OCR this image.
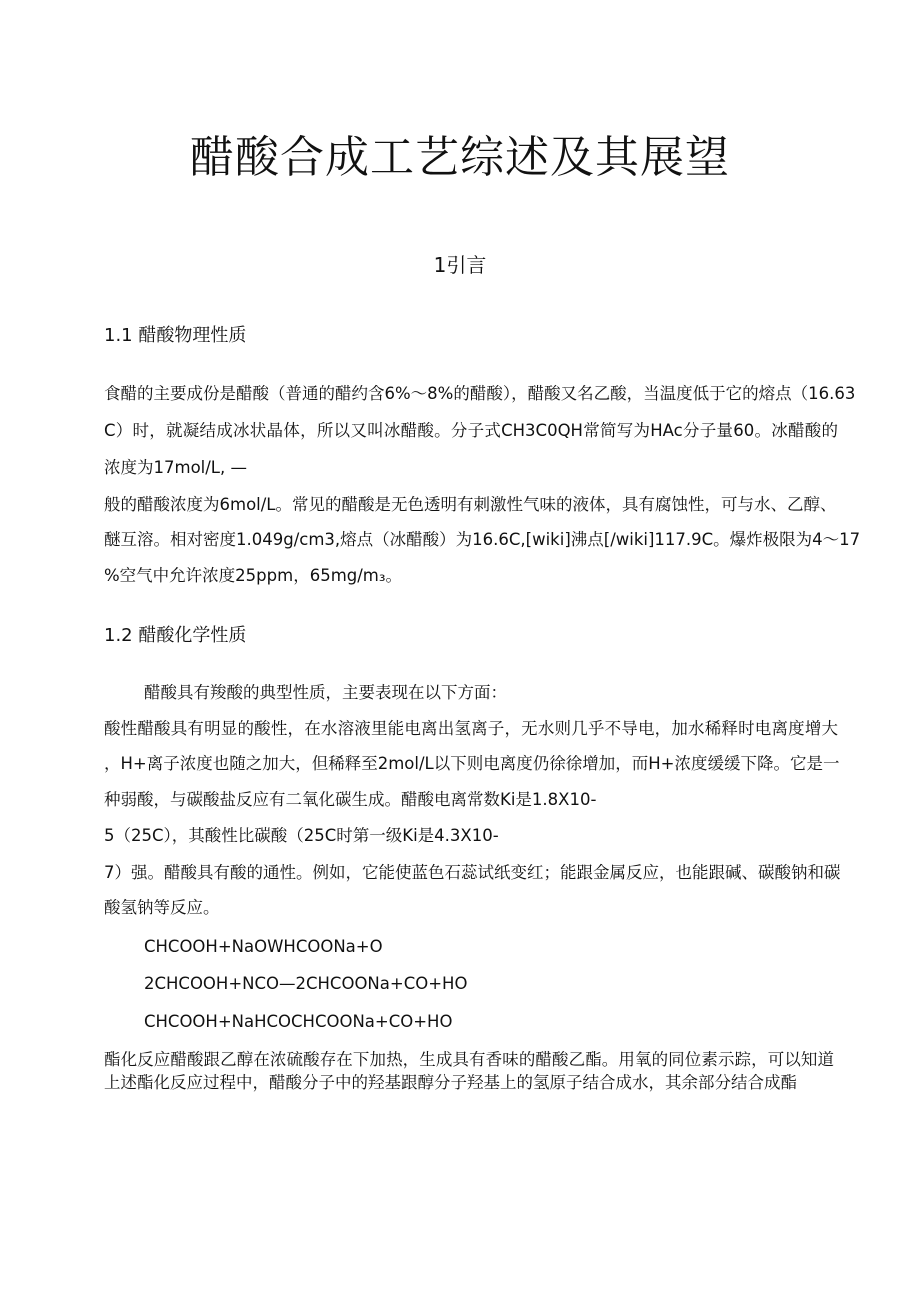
醋酸合成工艺综述及其展望
1引言
1.1 醋酸物理性质
食醋的主要成份是醋酸（普通的醋约含6%～8%的醋酸），醋酸又名乙酸，当温度低于它的熔点（16.63
C）时，就凝结成冰状晶体，所以又叫冰醋酸。分子式CH3C0QH常简写为HAc分子量60。冰醋酸的
浓度为17mol/L, —
般的醋酸浓度为6mol/L。常见的醋酸是无色透明有刺激性气味的液体，具有腐蚀性，可与水、乙醇、
醚互溶。相对密度1.049g/cm3,熔点（冰醋酸）为16.6C,[wiki]沸点[/wiki]117.9C。爆炸极限为4～17
%空气中允许浓度25ppm，65mg/m₃。
1.2 醋酸化学性质
醋酸具有羧酸的典型性质，主要表现在以下方面：
酸性醋酸具有明显的酸性，在水溶液里能电离出氢离子，无水则几乎不导电，加水稀释时电离度增大
，H+离子浓度也随之加大，但稀释至2mol/L以下则电离度仍徐徐增加，而H+浓度缓缓下降。它是一
种弱酸，与碳酸盐反应有二氧化碳生成。醋酸电离常数Ki是1.8X10-
5（25C），其酸性比碳酸（25C时第一级Ki是4.3X10-
7）强。醋酸具有酸的通性。例如，它能使蓝色石蕊试纸变红；能跟金属反应，也能跟碱、碳酸钠和碳
酸氢钠等反应。
CHCOOH+NaOWHCOONa+O
2CHCOOH+NCO—2CHCOONa+CO+HO
CHCOOH+NaHCOCHCOONa+CO+HO
酯化反应醋酸跟乙醇在浓硫酸存在下加热，生成具有香味的醋酸乙酯。用氧的同位素示踪，可以知道
上述酯化反应过程中，醋酸分子中的羟基跟醇分子羟基上的氢原子结合成水，其余部分结合成酯
